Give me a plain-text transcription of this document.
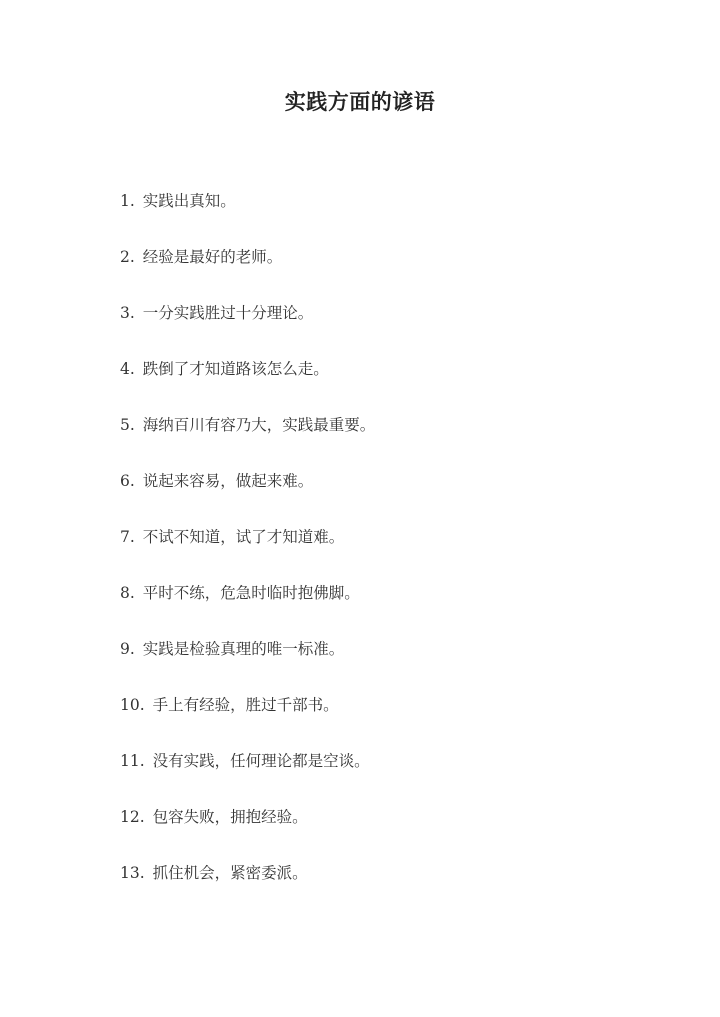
实践方面的谚语
1. 实践出真知。
2. 经验是最好的老师。
3. 一分实践胜过十分理论。
4. 跌倒了才知道路该怎么走。
5. 海纳百川有容乃大，实践最重要。
6. 说起来容易，做起来难。
7. 不试不知道，试了才知道难。
8. 平时不练，危急时临时抱佛脚。
9. 实践是检验真理的唯一标准。
10. 手上有经验，胜过千部书。
11. 没有实践，任何理论都是空谈。
12. 包容失败，拥抱经验。
13. 抓住机会，紧密委派。
